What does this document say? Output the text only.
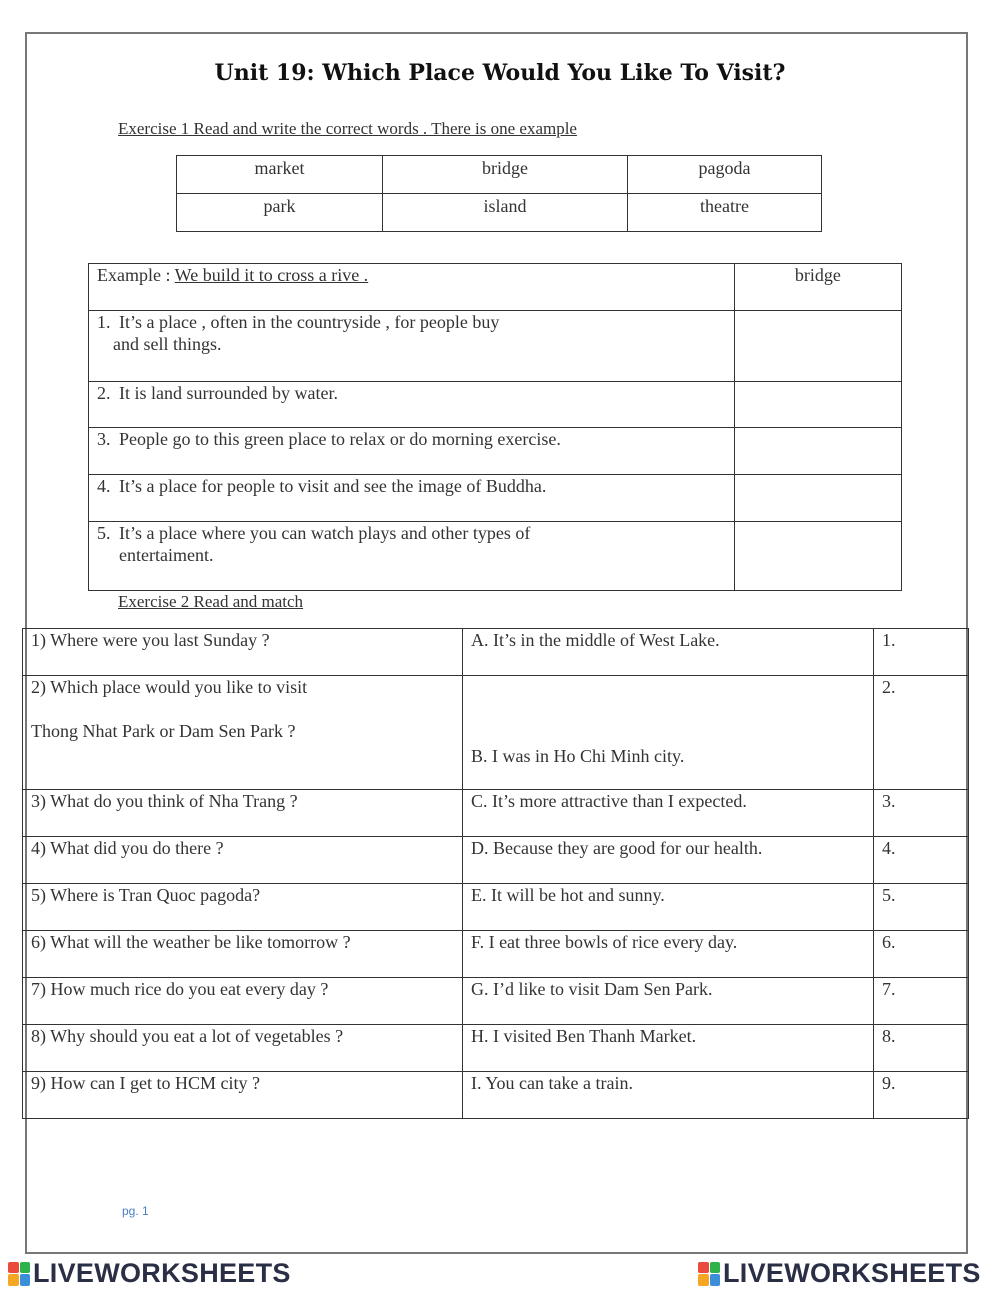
Unit 19: Which Place Would You Like To Visit?
Exercise 1 Read and write the correct words . There is one example
market	bridge	pagoda
park	island	theatre
Example : We build it to cross a rive .	bridge
1. It’s a place , often in the countryside , for people buy
and sell things.	

2. It is land surrounded by water.	
3. People go to this green place to relax or do morning exercise.	
4. It’s a place for people to visit and see the image of Buddha.	
5. It’s a place where you can watch plays and other types of
entertaiment.	

Exercise 2 Read and match
1) Where were you last Sunday ?	A. It’s in the middle of West Lake.	1.

2) Which place would you like to visit
Thong Nhat Park or Dam Sen Park ?	B. I was in Ho Chi Minh city.	2.
3) What do you think of Nha Trang ?	C. It’s more attractive than I expected.	3.
4) What did you do there ?	D. Because they are good for our health.	4.
5) Where is Tran Quoc pagoda?	E. It will be hot and sunny.	5.
6) What will the weather be like tomorrow ?	F. I eat three bowls of rice every day.	6.
7) How much rice do you eat every day ?	G. I’d like to visit Dam Sen Park.	7.
8) Why should you eat a lot of vegetables ?	H. I visited Ben Thanh Market.	8.
9) How can I get to HCM city ?	I. You can take a train.	9.
pg. 1
LIVEWORKSHEETS	LIVEWORKSHEETS
